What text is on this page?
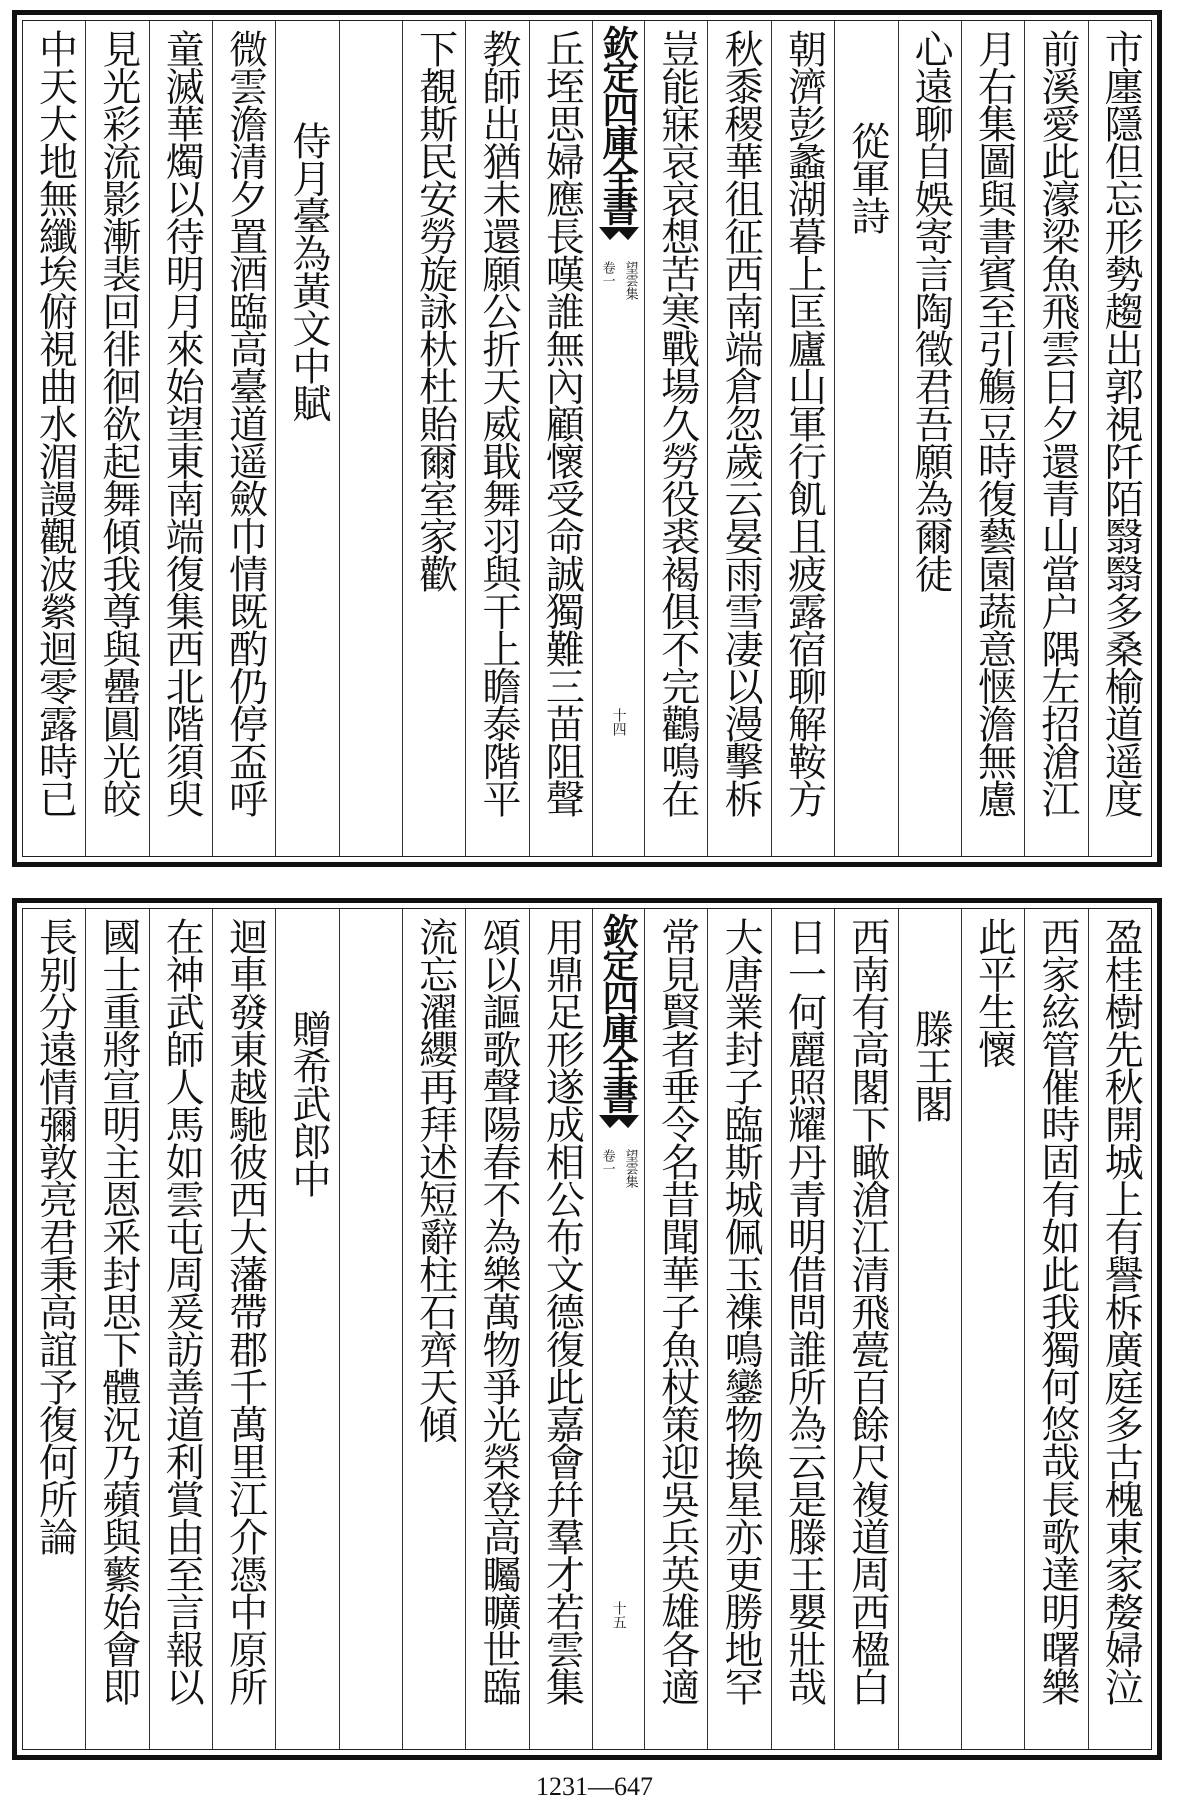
市廛隱但忘形勢趨出郭視阡陌翳翳多桑榆道遥度
前溪愛此濠梁魚飛雲日夕還青山當户隅左招滄江
月右集圖與書賓至引觴豆時復藝園蔬意惬澹無慮
心遠聊自娛寄言陶徵君吾願為爾徒
從軍詩
朝濟彭蠡湖暮上匡廬山軍行飢且疲露宿聊解鞍方
秋黍稷華徂征西南端倉忽歲云晏雨雪凄以漫擊柝
豈能寐哀哀想苦寒戰場久勞役裘褐俱不完鸛鳴在
欽定四庫全書
望雲集
卷一
十四
丘垤思婦應長嘆誰無內顧懷受命誠獨難三苗阻聲
教師出猶未還願公折天威戢舞羽與干上瞻泰階平
下覩斯民安勞旋詠杕杜貽爾室家歡
侍月臺為黃文中賦
微雲澹清夕置酒臨高臺道遥斂巾情既酌仍停盃呼
童滅華燭以待明月來始望東南端復集西北階須臾
見光彩流影漸裴回徘徊欲起舞傾我尊與罍圓光皎
中天大地無纖埃俯視曲水湄謾觀波縈迴零露時已
盈桂樹先秋開城上有譽柝廣庭多古槐東家嫠婦泣
西家絃管催時固有如此我獨何悠哉長歌達明曙樂
此平生懷
滕王閣
西南有高閣下瞰滄江清飛甍百餘尺複道周西楹白
日一何麗照耀丹青明借問誰所為云是滕王嬰壯哉
大唐業封子臨斯城佩玉襍鳴鑾物換星亦更勝地罕
常見賢者垂令名昔聞華子魚杖策迎吳兵英雄各適
欽定四庫全書
望雲集
卷一
十五
用鼎足形遂成相公布文德復此嘉會幷羣才若雲集
頌以謳歌聲陽春不為樂萬物爭光榮登高矚曠世臨
流忘濯纓再拜述短辭柱石齊天傾
贈希武郎中
迴車發東越馳彼西大藩帶郡千萬里江介憑中原所
在神武師人馬如雲屯周爰訪善道利賞由至言報以
國士重將宣明主恩釆封思下體況乃蘋與蘩始會即
長别分遠情彌敦亮君秉高誼予復何所論
1231—647
